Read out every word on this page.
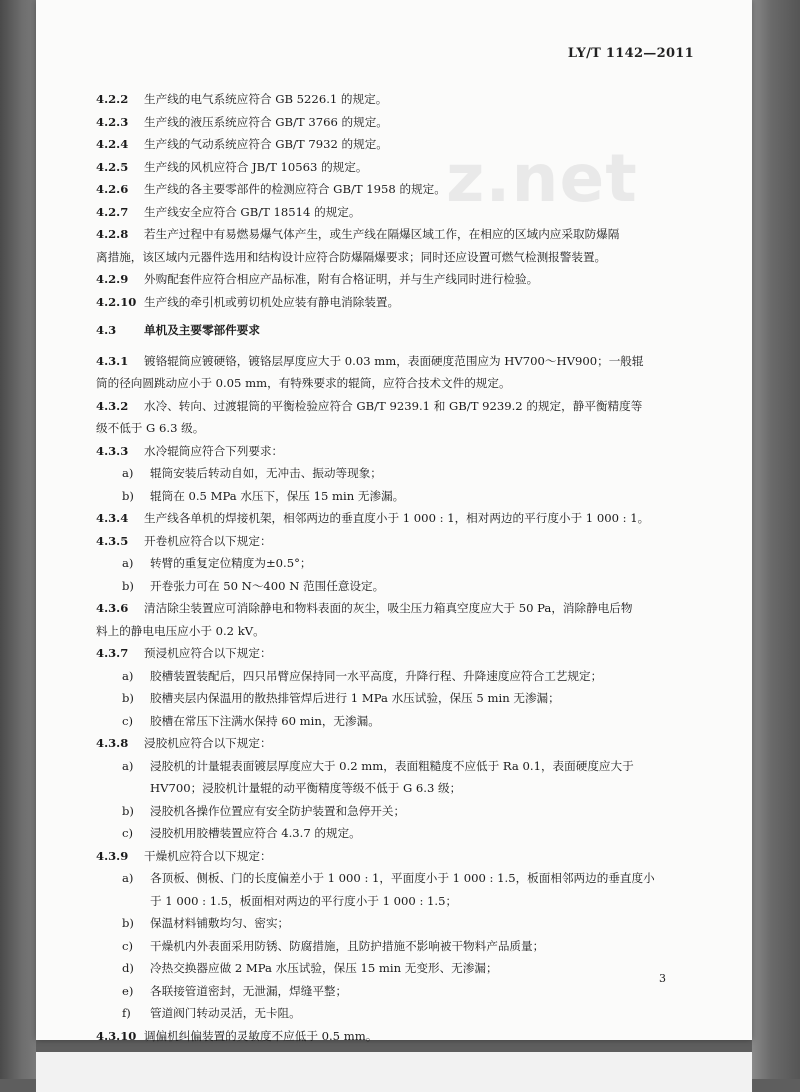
LY/T 1142—2011
z.net
4.2.2 生产线的电气系统应符合 GB 5226.1 的规定。
4.2.3 生产线的液压系统应符合 GB/T 3766 的规定。
4.2.4 生产线的气动系统应符合 GB/T 7932 的规定。
4.2.5 生产线的风机应符合 JB/T 10563 的规定。
4.2.6 生产线的各主要零部件的检测应符合 GB/T 1958 的规定。
4.2.7 生产线安全应符合 GB/T 18514 的规定。
4.2.8 若生产过程中有易燃易爆气体产生，或生产线在隔爆区域工作，在相应的区域内应采取防爆隔
离措施，该区域内元器件选用和结构设计应符合防爆隔爆要求；同时还应设置可燃气检测报警装置。
4.2.9 外购配套件应符合相应产品标准，附有合格证明，并与生产线同时进行检验。
4.2.10 生产线的牵引机或剪切机处应装有静电消除装置。
4.3 单机及主要零部件要求
4.3.1 镀铬辊筒应镀硬铬，镀铬层厚度应大于 0.03 mm，表面硬度范围应为 HV700～HV900；一般辊
筒的径向圆跳动应小于 0.05 mm，有特殊要求的辊筒，应符合技术文件的规定。
4.3.2 水冷、转向、过渡辊筒的平衡检验应符合 GB/T 9239.1 和 GB/T 9239.2 的规定，静平衡精度等
级不低于 G 6.3 级。
4.3.3 水冷辊筒应符合下列要求：
a) 辊筒安装后转动自如，无冲击、振动等现象；
b) 辊筒在 0.5 MPa 水压下，保压 15 min 无渗漏。
4.3.4 生产线各单机的焊接机架，相邻两边的垂直度小于 1 000 : 1，相对两边的平行度小于 1 000 : 1。
4.3.5 开卷机应符合以下规定：
a) 转臂的重复定位精度为±0.5°；
b) 开卷张力可在 50 N～400 N 范围任意设定。
4.3.6 清洁除尘装置应可消除静电和物料表面的灰尘，吸尘压力箱真空度应大于 50 Pa，消除静电后物
料上的静电电压应小于 0.2 kV。
4.3.7 预浸机应符合以下规定：
a) 胶槽装置装配后，四只吊臂应保持同一水平高度，升降行程、升降速度应符合工艺规定；
b) 胶槽夹层内保温用的散热排管焊后进行 1 MPa 水压试验，保压 5 min 无渗漏；
c) 胶槽在常压下注满水保持 60 min，无渗漏。
4.3.8 浸胶机应符合以下规定：
a) 浸胶机的计量辊表面镀层厚度应大于 0.2 mm，表面粗糙度不应低于 Ra 0.1，表面硬度应大于
HV700；浸胶机计量辊的动平衡精度等级不低于 G 6.3 级；
b) 浸胶机各操作位置应有安全防护装置和急停开关；
c) 浸胶机用胶槽装置应符合 4.3.7 的规定。
4.3.9 干燥机应符合以下规定：
a) 各顶板、侧板、门的长度偏差小于 1 000 : 1，平面度小于 1 000 : 1.5，板面相邻两边的垂直度小
于 1 000 : 1.5，板面相对两边的平行度小于 1 000 : 1.5；
b) 保温材料铺敷均匀、密实；
c) 干燥机内外表面采用防锈、防腐措施，且防护措施不影响被干物料产品质量；
d) 冷热交换器应做 2 MPa 水压试验，保压 15 min 无变形、无渗漏；
e) 各联接管道密封，无泄漏，焊缝平整；
f) 管道阀门转动灵活，无卡阻。
4.3.10 调偏机纠偏装置的灵敏度不应低于 0.5 mm。
3
